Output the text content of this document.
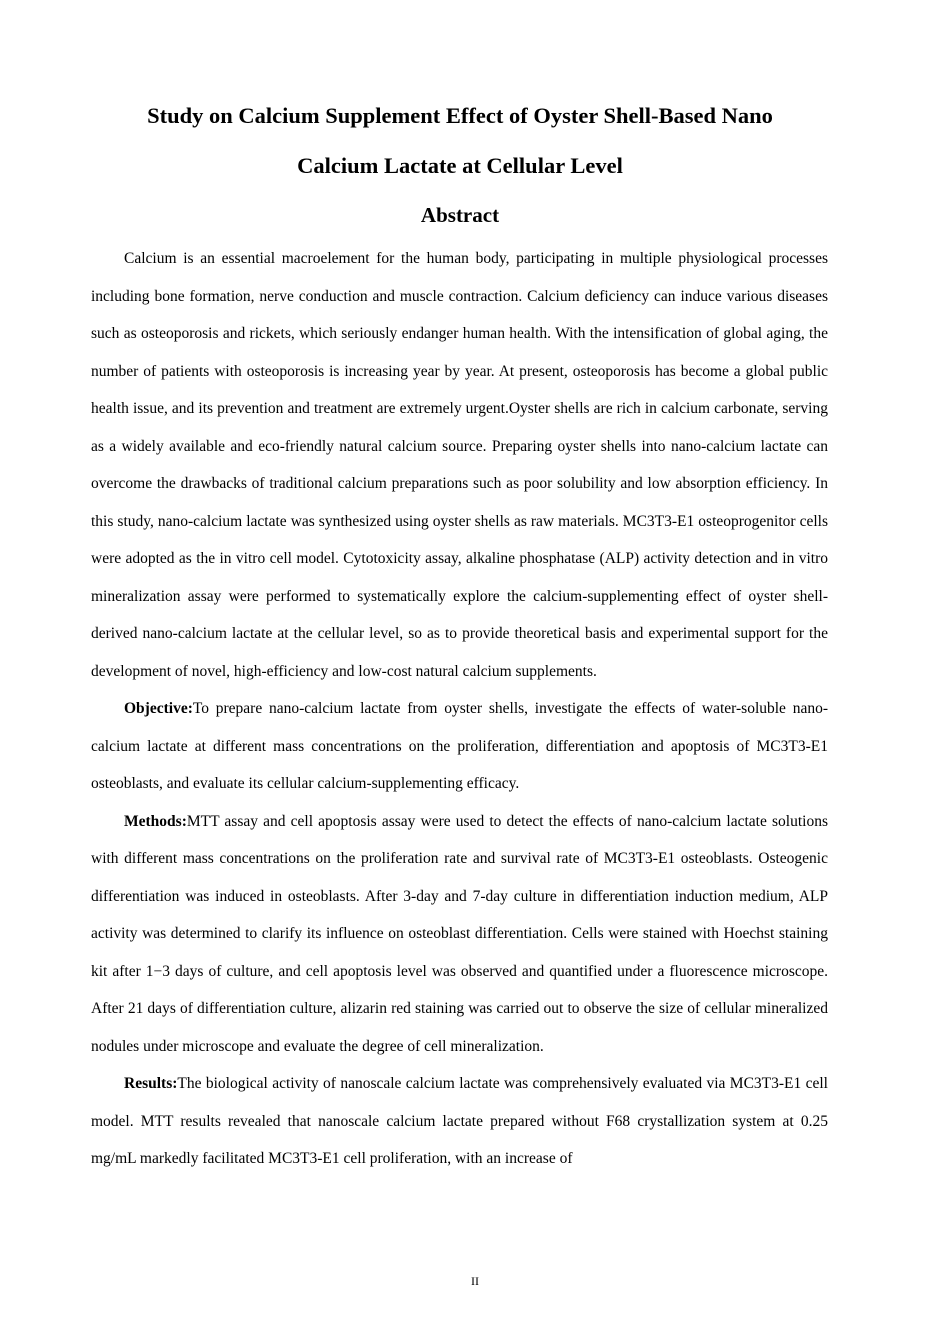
Study on Calcium Supplement Effect of Oyster Shell-Based Nano
Calcium Lactate at Cellular Level
Abstract

Calcium is an essential macroelement for the human body, participating in multiple physiological processes including bone formation, nerve conduction and muscle contraction. Calcium deficiency can induce various diseases such as osteoporosis and rickets, which seriously endanger human health. With the intensification of global aging, the number of patients with osteoporosis is increasing year by year. At present, osteoporosis has become a global public health issue, and its prevention and treatment are extremely urgent.Oyster shells are rich in calcium carbonate, serving as a widely available and eco-friendly natural calcium source. Preparing oyster shells into nano-calcium lactate can overcome the drawbacks of traditional calcium preparations such as poor solubility and low absorption efficiency. In this study, nano-calcium lactate was synthesized using oyster shells as raw materials. MC3T3-E1 osteoprogenitor cells were adopted as the in vitro cell model. Cytotoxicity assay, alkaline phosphatase (ALP) activity detection and in vitro mineralization assay were performed to systematically explore the calcium-supplementing effect of oyster shell-derived nano-calcium lactate at the cellular level, so as to provide theoretical basis and experimental support for the development of novel, high-efficiency and low-cost natural calcium supplements.

Objective:To prepare nano-calcium lactate from oyster shells, investigate the effects of water-soluble nano-calcium lactate at different mass concentrations on the proliferation, differentiation and apoptosis of MC3T3-E1 osteoblasts, and evaluate its cellular calcium-supplementing efficacy.

Methods:MTT assay and cell apoptosis assay were used to detect the effects of nano-calcium lactate solutions with different mass concentrations on the proliferation rate and survival rate of MC3T3-E1 osteoblasts. Osteogenic differentiation was induced in osteoblasts. After 3-day and 7-day culture in differentiation induction medium, ALP activity was determined to clarify its influence on osteoblast differentiation. Cells were stained with Hoechst staining kit after 1−3 days of culture, and cell apoptosis level was observed and quantified under a fluorescence microscope. After 21 days of differentiation culture, alizarin red staining was carried out to observe the size of cellular mineralized nodules under microscope and evaluate the degree of cell mineralization.

Results:The biological activity of nanoscale calcium lactate was comprehensively evaluated via MC3T3-E1 cell model. MTT results revealed that nanoscale calcium lactate prepared without F68 crystallization system at 0.25 mg/mL markedly facilitated MC3T3-E1 cell proliferation, with an increase of

II
